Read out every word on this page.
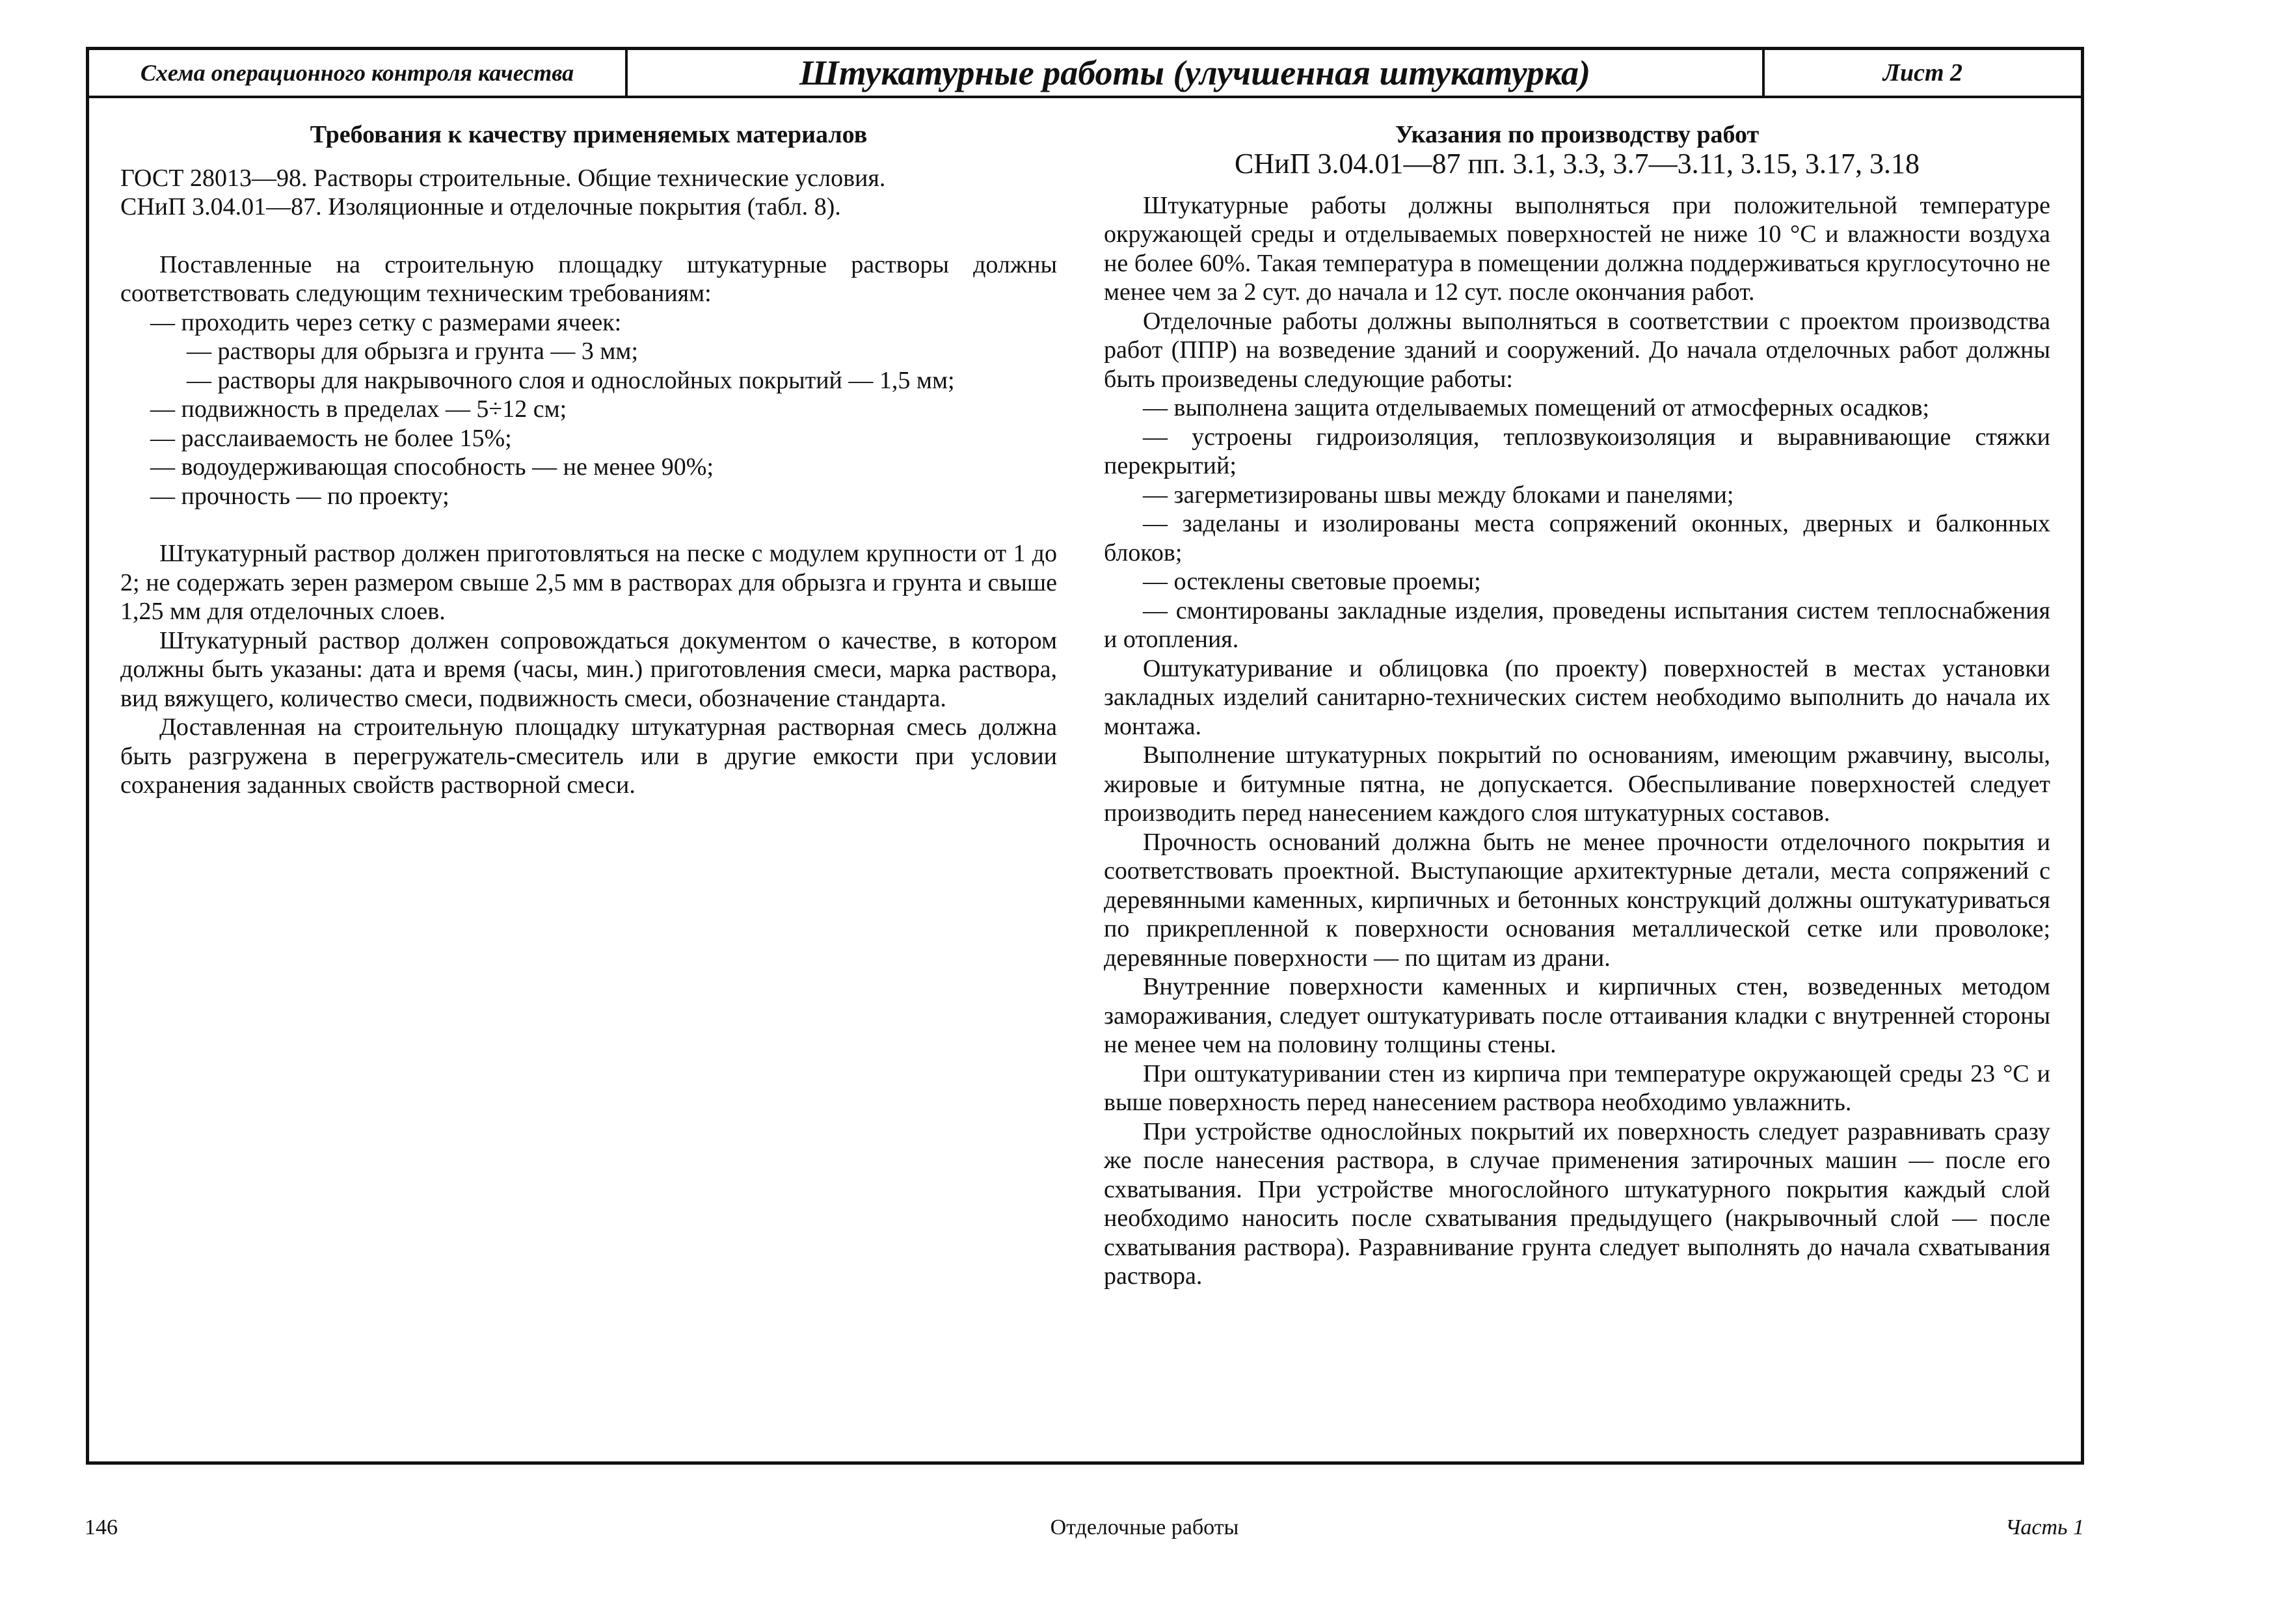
Схема операционного контроля качества	Штукатурные работы (улучшенная штукатурка)	Лист 2
Требования к качеству применяемых материалов

ГОСТ 28013—98. Растворы строительные. Общие технические условия.

СНиП 3.04.01—87. Изоляционные и отделочные покрытия (табл. 8).

Поставленные на строительную площадку штукатурные растворы должны соответствовать следующим техническим требованиям:

— проходить через сетку с размерами ячеек:

— растворы для обрызга и грунта — 3 мм;

— растворы для накрывочного слоя и однослойных покрытий — 1,5 мм;

— подвижность в пределах — 5÷12 см;

— расслаиваемость не более 15%;

— водоудерживающая способность — не менее 90%;

— прочность — по проекту;

Штукатурный раствор должен приготовляться на песке с модулем крупности от 1 до 2; не содержать зерен размером свыше 2,5 мм в растворах для обрызга и грунта и свыше 1,25 мм для отделочных слоев.

Штукатурный раствор должен сопровождаться документом о качестве, в котором должны быть указаны: дата и время (часы, мин.) приготовления смеси, марка раствора, вид вяжущего, количество смеси, подвижность смеси, обозначение стандарта.

Доставленная на строительную площадку штукатурная растворная смесь должна быть разгружена в перегружатель-смеситель или в другие емкости при условии сохранения заданных свойств растворной смеси.

Указания по производству работ

СНиП 3.04.01—87 пп. 3.1, 3.3, 3.7—3.11, 3.15, 3.17, 3.18

Штукатурные работы должны выполняться при положительной температуре окружающей среды и отделываемых поверхностей не ниже 10 °С и влажности воздуха не более 60%. Такая температура в помещении должна поддерживаться круглосуточно не менее чем за 2 сут. до начала и 12 сут. после окончания работ.

Отделочные работы должны выполняться в соответствии с проектом производства работ (ППР) на возведение зданий и сооружений. До начала отделочных работ должны быть произведены следующие работы:

— выполнена защита отделываемых помещений от атмосферных осадков;

— устроены гидроизоляция, теплозвукоизоляция и выравнивающие стяжки перекрытий;

— загерметизированы швы между блоками и панелями;

— заделаны и изолированы места сопряжений оконных, дверных и балконных блоков;

— остеклены световые проемы;

— смонтированы закладные изделия, проведены испытания систем теплоснабжения и отопления.

Оштукатуривание и облицовка (по проекту) поверхностей в местах установки закладных изделий санитарно-технических систем необходимо выполнить до начала их монтажа.

Выполнение штукатурных покрытий по основаниям, имеющим ржавчину, высолы, жировые и битумные пятна, не допускается. Обеспыливание поверхностей следует производить перед нанесением каждого слоя штукатурных составов.

Прочность оснований должна быть не менее прочности отделочного покрытия и соответствовать проектной. Выступающие архитектурные детали, места сопряжений с деревянными каменных, кирпичных и бетонных конструкций должны оштукатуриваться по прикрепленной к поверхности основания металлической сетке или проволоке; деревянные поверхности — по щитам из драни.

Внутренние поверхности каменных и кирпичных стен, возведенных методом замораживания, следует оштукатуривать после оттаивания кладки с внутренней стороны не менее чем на половину толщины стены.

При оштукатуривании стен из кирпича при температуре окружающей среды 23 °С и выше поверхность перед нанесением раствора необходимо увлажнить.

При устройстве однослойных покрытий их поверхность следует разравнивать сразу же после нанесения раствора, в случае применения затирочных машин — после его схватывания. При устройстве многослойного штукатурного покрытия каждый слой необходимо наносить после схватывания предыдущего (накрывочный слой — после схватывания раствора). Разравнивание грунта следует выполнять до начала схватывания раствора.

Отделочные работы
146	Часть 1
